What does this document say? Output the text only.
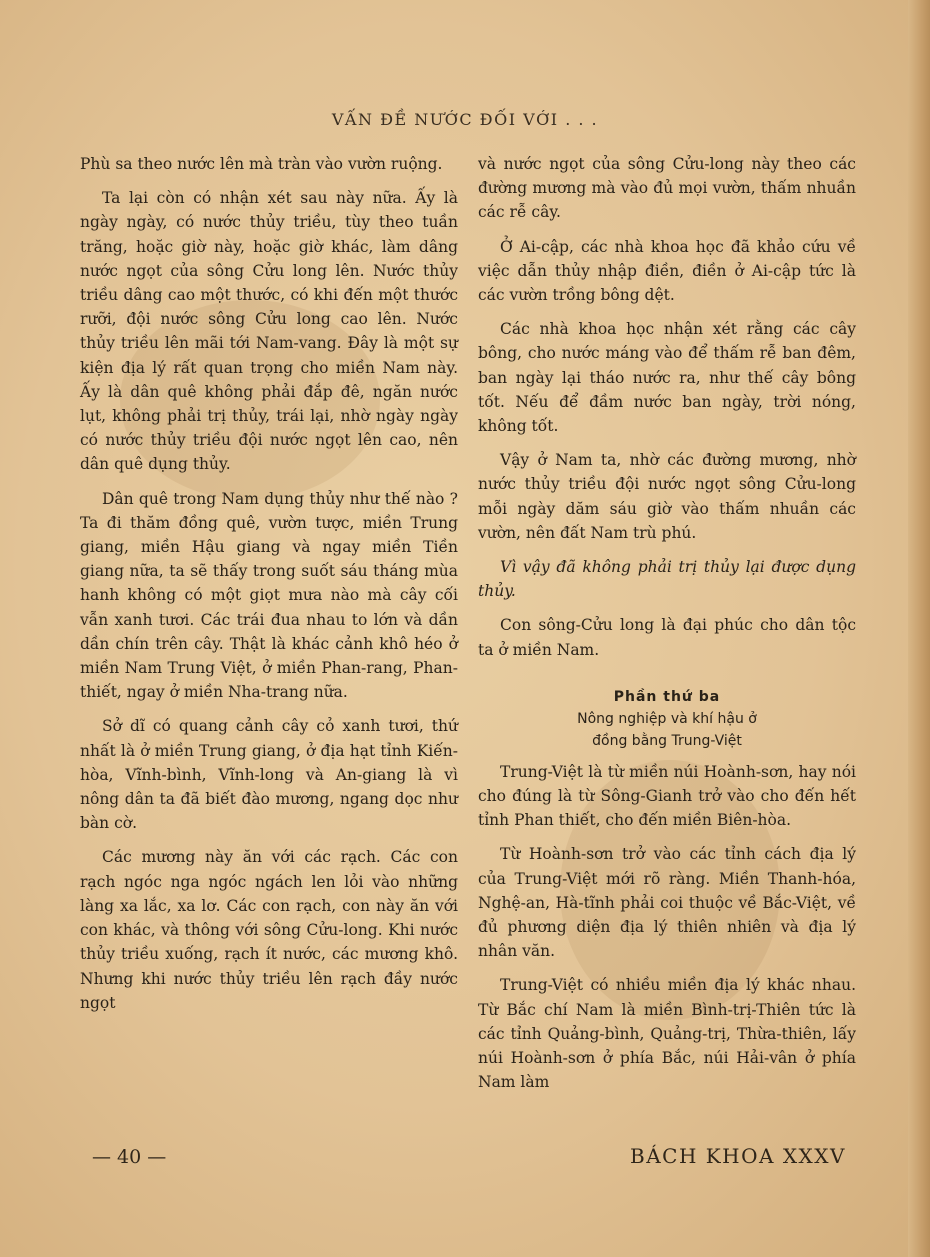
VẤN ĐỀ NƯỚC ĐỐI VỚI . . .

Phù sa theo nước lên mà tràn vào vườn ruộng.

Ta lại còn có nhận xét sau này nữa. Ấy là ngày ngày, có nước thủy triều, tùy theo tuần trăng, hoặc giờ này, hoặc giờ khác, làm dâng nước ngọt của sông Cửu long lên. Nước thủy triều dâng cao một thước, có khi đến một thước rưỡi, đội nước sông Cửu long cao lên. Nước thủy triều lên mãi tới Nam-vang. Đây là một sự kiện địa lý rất quan trọng cho miền Nam này. Ấy là dân quê không phải đắp đê, ngăn nước lụt, không phải trị thủy, trái lại, nhờ ngày ngày có nước thủy triều đội nước ngọt lên cao, nên dân quê dụng thủy.

Dân quê trong Nam dụng thủy như thế nào ? Ta đi thăm đồng quê, vườn tược, miền Trung giang, miền Hậu giang và ngay miền Tiền giang nữa, ta sẽ thấy trong suốt sáu tháng mùa hanh không có một giọt mưa nào mà cây cối vẫn xanh tươi. Các trái đua nhau to lớn và dần dần chín trên cây. Thật là khác cảnh khô héo ở miền Nam Trung Việt, ở miền Phan-rang, Phan-thiết, ngay ở miền Nha-trang nữa.

Sở dĩ có quang cảnh cây cỏ xanh tươi, thứ nhất là ở miền Trung giang, ở địa hạt tỉnh Kiến-hòa, Vĩnh-bình, Vĩnh-long và An-giang là vì nông dân ta đã biết đào mương, ngang dọc như bàn cờ.

Các mương này ăn với các rạch. Các con rạch ngóc nga ngóc ngách len lỏi vào những làng xa lắc, xa lơ. Các con rạch, con này ăn với con khác, và thông với sông Cửu-long. Khi nước thủy triều xuống, rạch ít nước, các mương khô. Nhưng khi nước thủy triều lên rạch đầy nước ngọt

và nước ngọt của sông Cửu-long này theo các đường mương mà vào đủ mọi vườn, thấm nhuần các rễ cây.

Ở Ai-cập, các nhà khoa học đã khảo cứu về việc dẫn thủy nhập điền, điền ở Ai-cập tức là các vườn trồng bông dệt.

Các nhà khoa học nhận xét rằng các cây bông, cho nước máng vào để thấm rễ ban đêm, ban ngày lại tháo nước ra, như thế cây bông tốt. Nếu để đầm nước ban ngày, trời nóng, không tốt.

Vậy ở Nam ta, nhờ các đường mương, nhờ nước thủy triều đội nước ngọt sông Cửu-long mỗi ngày dăm sáu giờ vào thấm nhuần các vườn, nên đất Nam trù phú.

Vì vậy đã không phải trị thủy lại được dụng thủy.

Con sông-Cửu long là đại phúc cho dân tộc ta ở miền Nam.

Phần thứ ba
Nông nghiệp và khí hậu ở
đồng bằng Trung-Việt

Trung-Việt là từ miền núi Hoành-sơn, hay nói cho đúng là từ Sông-Gianh trở vào cho đến hết tỉnh Phan thiết, cho đến miền Biên-hòa.

Từ Hoành-sơn trở vào các tỉnh cách địa lý của Trung-Việt mới rõ ràng. Miền Thanh-hóa, Nghệ-an, Hà-tĩnh phải coi thuộc về Bắc-Việt, về đủ phương diện địa lý thiên nhiên và địa lý nhân văn.

Trung-Việt có nhiều miền địa lý khác nhau. Từ Bắc chí Nam là miền Bình-trị-Thiên tức là các tỉnh Quảng-bình, Quảng-trị, Thừa-thiên, lấy núi Hoành-sơn ở phía Bắc, núi Hải-vân ở phía Nam làm

— 40 —	BÁCH KHOA XXXV
